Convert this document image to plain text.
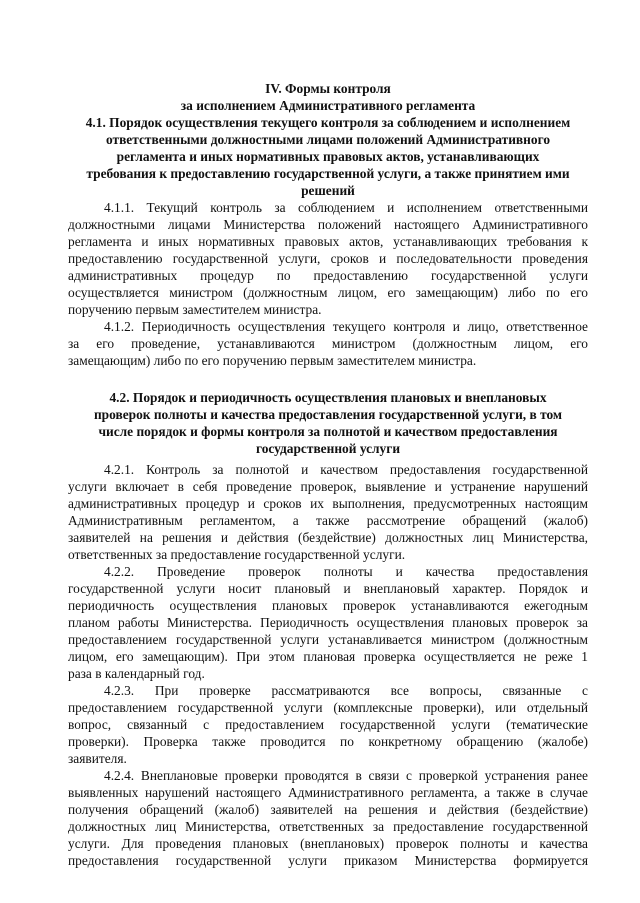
IV. Формы контроля
за исполнением Административного регламента
4.1. Порядок осуществления текущего контроля за соблюдением и исполнением
ответственными должностными лицами положений Административного
регламента и иных нормативных правовых актов, устанавливающих
требования к предоставлению государственной услуги, а также принятием ими
решений
4.1.1. Текущий контроль за соблюдением и исполнением ответственными
должностными лицами Министерства положений настоящего Административного
регламента и иных нормативных правовых актов, устанавливающих требования к
предоставлению государственной услуги, сроков и последовательности проведения
административных процедур по предоставлению государственной услуги
осуществляется министром (должностным лицом, его замещающим) либо по его
поручению первым заместителем министра.
4.1.2. Периодичность осуществления текущего контроля и лицо, ответственное
за его проведение, устанавливаются министром (должностным лицом, его
замещающим) либо по его поручению первым заместителем министра.
4.2. Порядок и периодичность осуществления плановых и внеплановых
проверок полноты и качества предоставления государственной услуги, в том
числе порядок и формы контроля за полнотой и качеством предоставления
государственной услуги
4.2.1. Контроль за полнотой и качеством предоставления государственной
услуги включает в себя проведение проверок, выявление и устранение нарушений
административных процедур и сроков их выполнения, предусмотренных настоящим
Административным регламентом, а также рассмотрение обращений (жалоб)
заявителей на решения и действия (бездействие) должностных лиц Министерства,
ответственных за предоставление государственной услуги.
4.2.2. Проведение проверок полноты и качества предоставления
государственной услуги носит плановый и внеплановый характер. Порядок и
периодичность осуществления плановых проверок устанавливаются ежегодным
планом работы Министерства. Периодичность осуществления плановых проверок за
предоставлением государственной услуги устанавливается министром (должностным
лицом, его замещающим). При этом плановая проверка осуществляется не реже 1
раза в календарный год.
4.2.3. При проверке рассматриваются все вопросы, связанные с
предоставлением государственной услуги (комплексные проверки), или отдельный
вопрос, связанный с предоставлением государственной услуги (тематические
проверки). Проверка также проводится по конкретному обращению (жалобе)
заявителя.
4.2.4. Внеплановые проверки проводятся в связи с проверкой устранения ранее
выявленных нарушений настоящего Административного регламента, а также в случае
получения обращений (жалоб) заявителей на решения и действия (бездействие)
должностных лиц Министерства, ответственных за предоставление государственной
услуги. Для проведения плановых (внеплановых) проверок полноты и качества
предоставления государственной услуги приказом Министерства формируется
